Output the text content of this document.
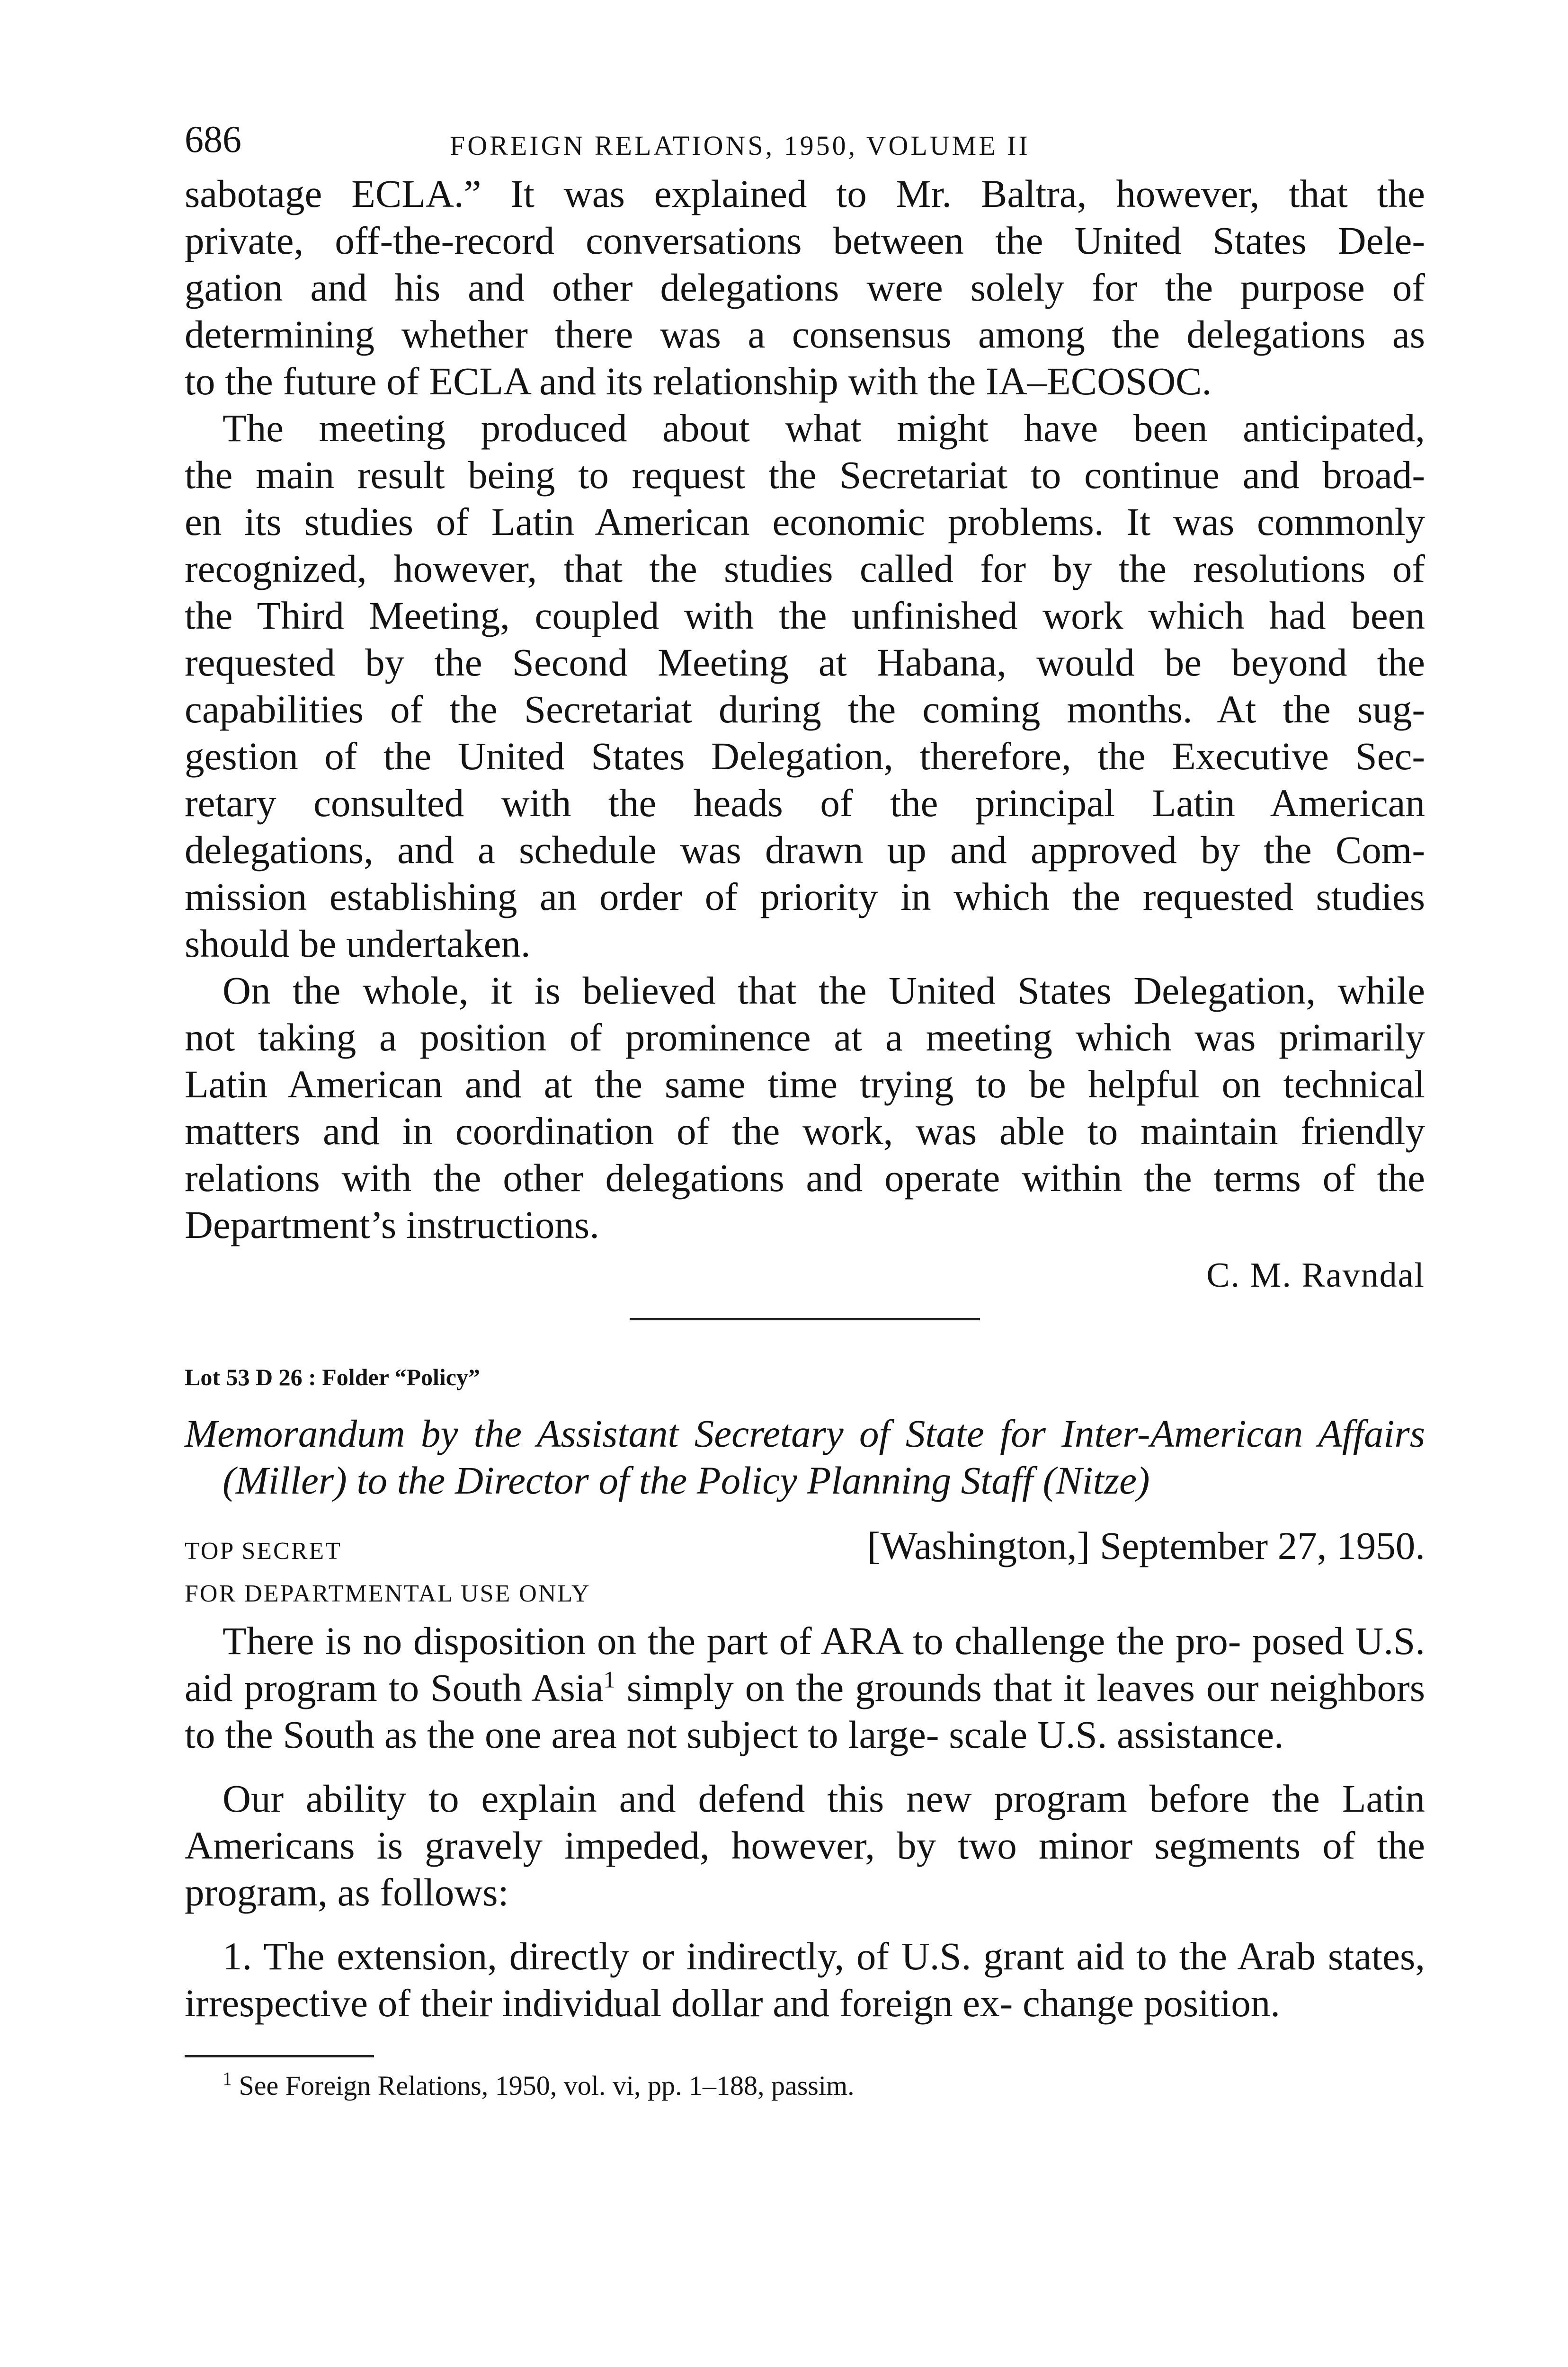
686	FOREIGN RELATIONS, 1950, VOLUME II

sabotage ECLA.” It was explained to Mr. Baltra, however, that the

private, off-the-record conversations between the United States Dele-

gation and his and other delegations were solely for the purpose of

determining whether there was a consensus among the delegations as

to the future of ECLA and its relationship with the IA–ECOSOC.

The meeting produced about what might have been anticipated,

the main result being to request the Secretariat to continue and broad-

en its studies of Latin American economic problems. It was commonly

recognized, however, that the studies called for by the resolutions of

the Third Meeting, coupled with the unfinished work which had been

requested by the Second Meeting at Habana, would be beyond the

capabilities of the Secretariat during the coming months. At the sug-

gestion of the United States Delegation, therefore, the Executive Sec-

retary consulted with the heads of the principal Latin American

delegations, and a schedule was drawn up and approved by the Com-

mission establishing an order of priority in which the requested studies

should be undertaken.

On the whole, it is believed that the United States Delegation, while

not taking a position of prominence at a meeting which was primarily

Latin American and at the same time trying to be helpful on technical

matters and in coordination of the work, was able to maintain friendly

relations with the other delegations and operate within the terms of the

Department’s instructions.

C. M. Ravndal
Lot 53 D 26 : Folder “Policy”
Memorandum by the Assistant Secretary of State for Inter-American Affairs (Miller) to the Director of the Policy Planning Staff (Nitze)
TOP SECRET	[Washington,] September 27, 1950.
FOR DEPARTMENTAL USE ONLY

There is no disposition on the part of ARA to challenge the pro- posed U.S. aid program to South Asia$^1$ simply on the grounds that it leaves our neighbors to the South as the one area not subject to large- scale U.S. assistance.

Our ability to explain and defend this new program before the Latin Americans is gravely impeded, however, by two minor segments of the program, as follows:

1. The extension, directly or indirectly, of U.S. grant aid to the Arab states, irrespective of their individual dollar and foreign ex- change position.

$^1$ See Foreign Relations, 1950, vol. vi, pp. 1–188, passim.
